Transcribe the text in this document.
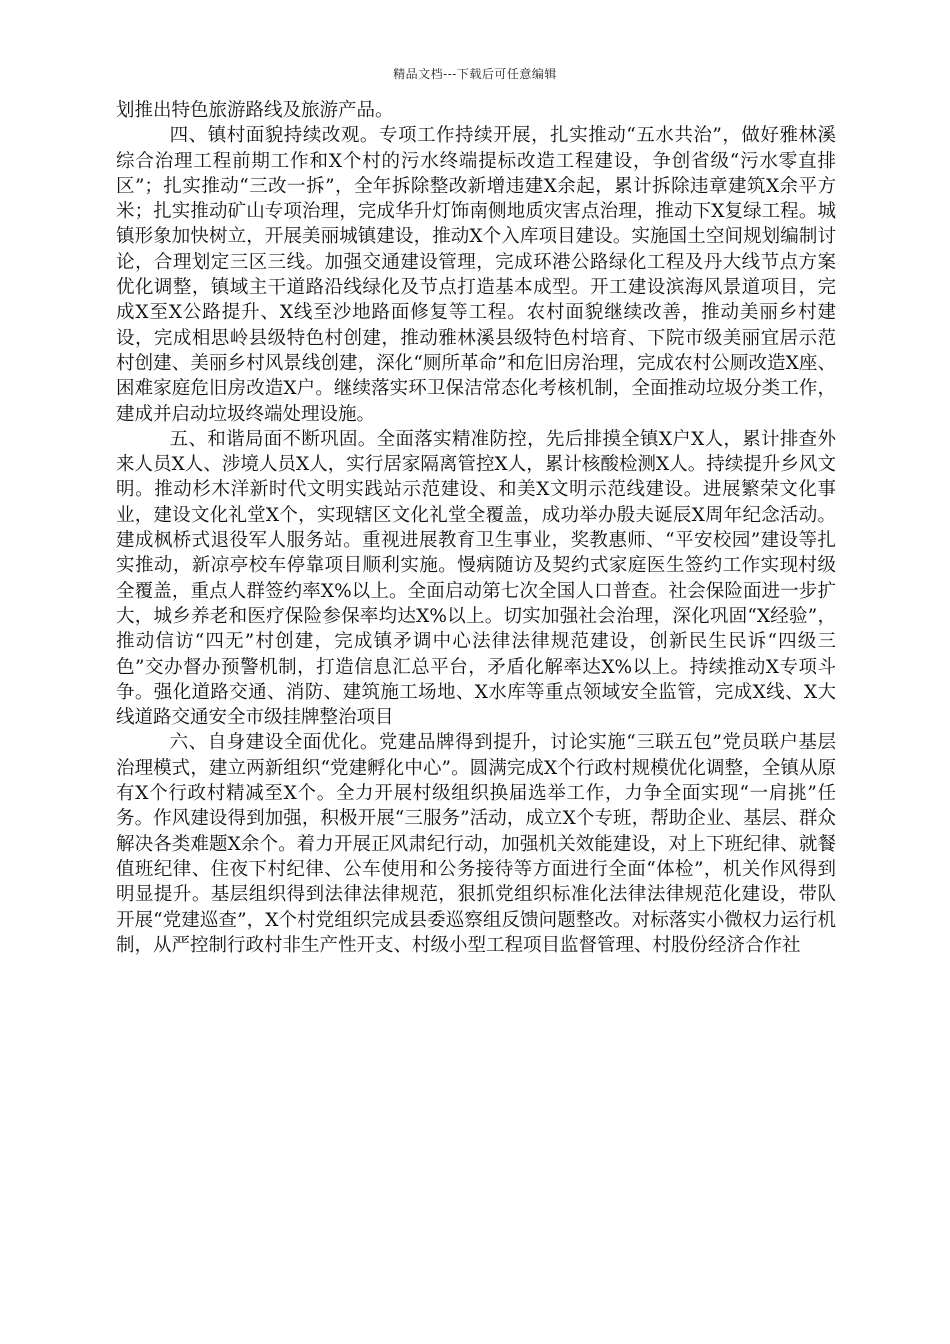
精品文档---下载后可任意编辑

划推出特色旅游路线及旅游产品。

四、镇村面貌持续改观。专项工作持续开展，扎实推动“五水共治”，做好雅林溪综合治理工程前期工作和X个村的污水终端提标改造工程建设，争创省级“污水零直排区”；扎实推动“三改一拆”，全年拆除整改新增违建X余起，累计拆除违章建筑X余平方米；扎实推动矿山专项治理，完成华升灯饰南侧地质灾害点治理，推动下X复绿工程。城镇形象加快树立，开展美丽城镇建设，推动X个入库项目建设。实施国土空间规划编制讨论，合理划定三区三线。加强交通建设管理，完成环港公路绿化工程及丹大线节点方案优化调整，镇域主干道路沿线绿化及节点打造基本成型。开工建设滨海风景道项目，完成X至X公路提升、X线至沙地路面修复等工程。农村面貌继续改善，推动美丽乡村建设，完成相思岭县级特色村创建，推动雅林溪县级特色村培育、下院市级美丽宜居示范村创建、美丽乡村风景线创建，深化“厕所革命”和危旧房治理，完成农村公厕改造X座、困难家庭危旧房改造X户。继续落实环卫保洁常态化考核机制，全面推动垃圾分类工作，建成并启动垃圾终端处理设施。

五、和谐局面不断巩固。全面落实精准防控，先后排摸全镇X户X人，累计排查外来人员X人、涉境人员X人，实行居家隔离管控X人，累计核酸检测X人。持续提升乡风文明。推动杉木洋新时代文明实践站示范建设、和美X文明示范线建设。进展繁荣文化事业，建设文化礼堂X个，实现辖区文化礼堂全覆盖，成功举办殷夫诞辰X周年纪念活动。建成枫桥式退役军人服务站。重视进展教育卫生事业，奖教惠师、“平安校园”建设等扎实推动，新凉亭校车停靠项目顺利实施。慢病随访及契约式家庭医生签约工作实现村级全覆盖，重点人群签约率X%以上。全面启动第七次全国人口普查。社会保险面进一步扩大，城乡养老和医疗保险参保率均达X%以上。切实加强社会治理，深化巩固“X经验”，推动信访“四无”村创建，完成镇矛调中心法律法律规范建设，创新民生民诉“四级三色”交办督办预警机制，打造信息汇总平台，矛盾化解率达X%以上。持续推动X专项斗争。强化道路交通、消防、建筑施工场地、X水库等重点领域安全监管，完成X线、X大线道路交通安全市级挂牌整治项目

六、自身建设全面优化。党建品牌得到提升，讨论实施“三联五包”党员联户基层治理模式，建立两新组织“党建孵化中心”。圆满完成X个行政村规模优化调整，全镇从原有X个行政村精减至X个。全力开展村级组织换届选举工作，力争全面实现“一肩挑”任务。作风建设得到加强，积极开展“三服务”活动，成立X个专班，帮助企业、基层、群众解决各类难题X余个。着力开展正风肃纪行动，加强机关效能建设，对上下班纪律、就餐值班纪律、住夜下村纪律、公车使用和公务接待等方面进行全面“体检”，机关作风得到明显提升。基层组织得到法律法律规范，狠抓党组织标准化法律法律规范化建设，带队开展“党建巡查”，X个村党组织完成县委巡察组反馈问题整改。对标落实小微权力运行机制，从严控制行政村非生产性开支、村级小型工程项目监督管理、村股份经济合作社
